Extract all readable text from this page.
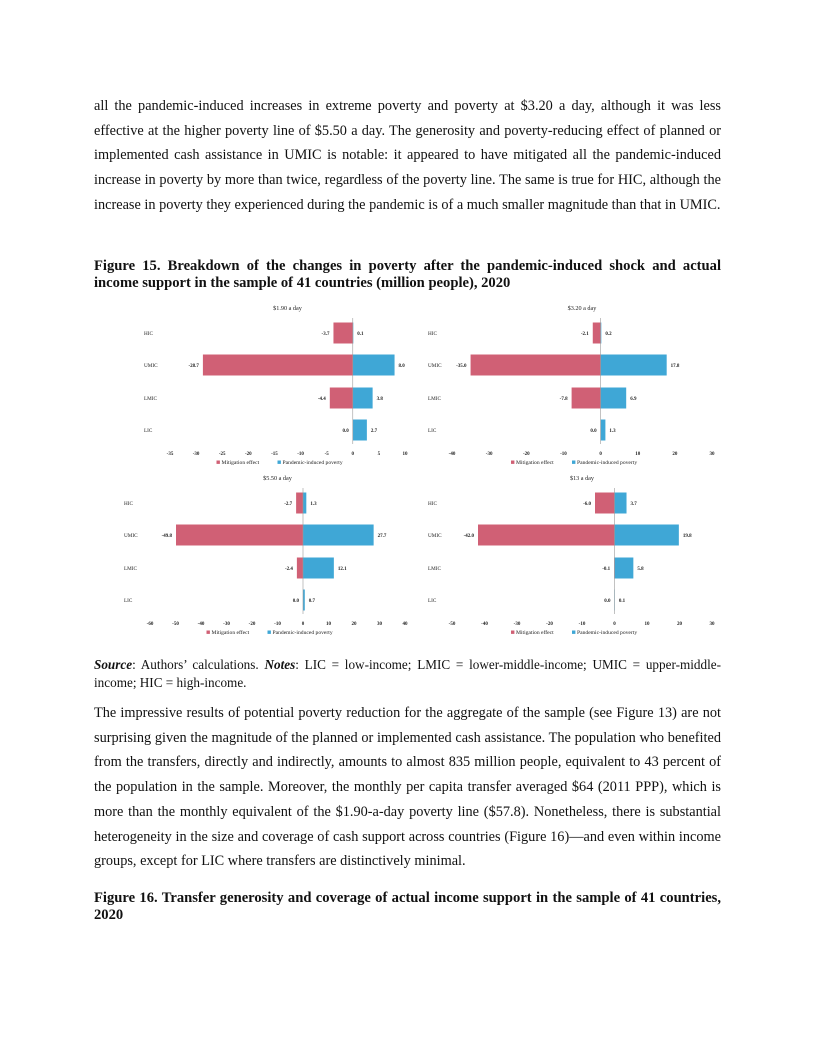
all the pandemic-induced increases in extreme poverty and poverty at $3.20 a day, although it was less effective at the higher poverty line of $5.50 a day. The generosity and poverty-reducing effect of planned or implemented cash assistance in UMIC is notable: it appeared to have mitigated all the pandemic-induced increase in poverty by more than twice, regardless of the poverty line. The same is true for HIC, although the increase in poverty they experienced during the pandemic is of a much smaller magnitude than that in UMIC.

Figure 15. Breakdown of the changes in poverty after the pandemic-induced shock and actual income support in the sample of 41 countries (million people), 2020

$1.90 a day
HIC	-3.7	0.1
UMIC	-28.7	8.0
LMIC	-4.4	3.8
LIC	0.0	2.7
-35	-30	-25	-20	-15	-10	-5	0	5	10
Mitigation effect	Pandemic-induced poverty
$3.20 a day
HIC	-2.1	0.2
UMIC	-35.0	17.8
LMIC	-7.8	6.9
LIC	0.0	1.3
-40	-30	-20	-10	0	10	20	30
Mitigation effect	Pandemic-induced poverty
$5.50 a day
HIC	-2.7	1.3
UMIC	-49.8	27.7
LMIC	-2.4	12.1
LIC	0.0 0.7
-60	-50	-40	-30	-20	-10	0	10	20	30	40
Mitigation effect	Pandemic-induced poverty
$13 a day
HIC	-6.0	3.7
UMIC	-42.0	19.8
LMIC	-0.1	5.8
LIC	0.0 0.1
-50	-40	-30	-20	-10	0	10	20	30
Mitigation effect	Pandemic-induced poverty

Source: Authors’ calculations. Notes: LIC = low-income; LMIC = lower-middle-income; UMIC = upper-middle-income; HIC = high-income.

The impressive results of potential poverty reduction for the aggregate of the sample (see Figure 13) are not surprising given the magnitude of the planned or implemented cash assistance. The population who benefited from the transfers, directly and indirectly, amounts to almost 835 million people, equivalent to 43 percent of the population in the sample. Moreover, the monthly per capita transfer averaged $64 (2011 PPP), which is more than the monthly equivalent of the $1.90-a-day poverty line ($57.8). Nonetheless, there is substantial heterogeneity in the size and coverage of cash support across countries (Figure 16)—and even within income groups, except for LIC where transfers are distinctively minimal.

Figure 16. Transfer generosity and coverage of actual income support in the sample of 41 countries, 2020
